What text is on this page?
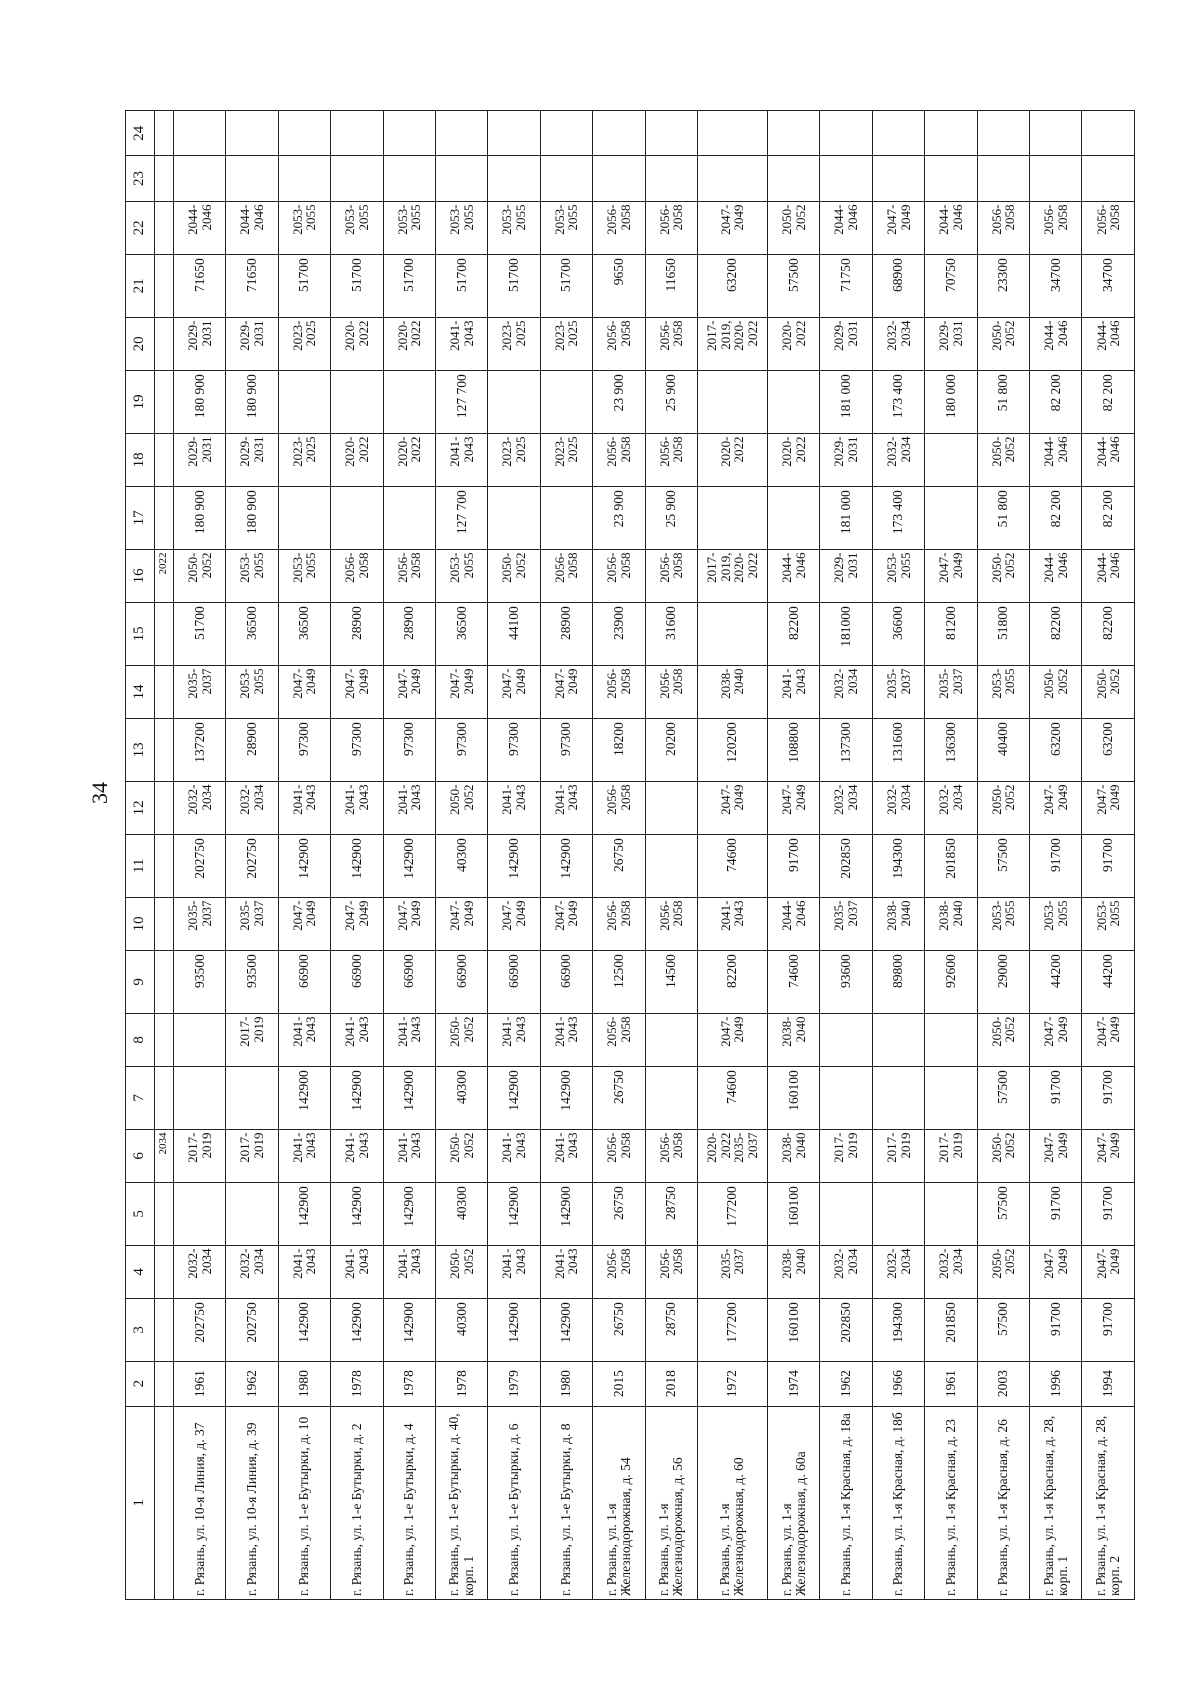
34
1	2	3	4	5	6	7	8	9	10	11	12	13	14	15	16	17	18	19	20	21	22	23	24
					2034										2022								
г. Рязань, ул. 10-я Линия, д. 37	1961	202750	2032-2034		2017-2019			93500	2035-2037	202750	2032-2034	137200	2035-2037	51700	2050-2052	180 900	2029-2031	180 900	2029-2031	71650	2044-2046		
г. Рязань, ул. 10-я Линия, д. 39	1962	202750	2032-2034		2017-2019		2017-2019	93500	2035-2037	202750	2032-2034	28900	2053-2055	36500	2053-2055	180 900	2029-2031	180 900	2029-2031	71650	2044-2046		
г. Рязань, ул. 1-е Бутырки, д. 10	1980	142900	2041-2043	142900	2041-2043	142900	2041-2043	66900	2047-2049	142900	2041-2043	97300	2047-2049	36500	2053-2055		2023-2025		2023-2025	51700	2053-2055		
г. Рязань, ул. 1-е Бутырки, д. 2	1978	142900	2041-2043	142900	2041-2043	142900	2041-2043	66900	2047-2049	142900	2041-2043	97300	2047-2049	28900	2056-2058		2020-2022		2020-2022	51700	2053-2055		
г. Рязань, ул. 1-е Бутырки, д. 4	1978	142900	2041-2043	142900	2041-2043	142900	2041-2043	66900	2047-2049	142900	2041-2043	97300	2047-2049	28900	2056-2058		2020-2022		2020-2022	51700	2053-2055		
г. Рязань, ул. 1-е Бутырки, д. 40, корп. 1	1978	40300	2050-2052	40300	2050-2052	40300	2050-2052	66900	2047-2049	40300	2050-2052	97300	2047-2049	36500	2053-2055	127 700	2041-2043	127 700	2041-2043	51700	2053-2055		
г. Рязань, ул. 1-е Бутырки, д. 6	1979	142900	2041-2043	142900	2041-2043	142900	2041-2043	66900	2047-2049	142900	2041-2043	97300	2047-2049	44100	2050-2052		2023-2025		2023-2025	51700	2053-2055		
г. Рязань, ул. 1-е Бутырки, д. 8	1980	142900	2041-2043	142900	2041-2043	142900	2041-2043	66900	2047-2049	142900	2041-2043	97300	2047-2049	28900	2056-2058		2023-2025		2023-2025	51700	2053-2055		
г. Рязань, ул. 1-я Железнодорожная, д. 54	2015	26750	2056-2058	26750	2056-2058	26750	2056-2058	12500	2056-2058	26750	2056-2058	18200	2056-2058	23900	2056-2058	23 900	2056-2058	23 900	2056-2058	9650	2056-2058		
г. Рязань, ул. 1-я Железнодорожная, д. 56	2018	28750	2056-2058	28750	2056-2058			14500	2056-2058			20200	2056-2058	31600	2056-2058	25 900	2056-2058	25 900	2056-2058	11650	2056-2058		
г. Рязань, ул. 1-я Железнодорожная, д. 60	1972	177200	2035-2037	177200	2020-2022 2035-2037	74600	2047-2049	82200	2041-2043	74600	2047-2049	120200	2038-2040		2017-2019, 2020-2022		2020-2022		2017-2019, 2020-2022	63200	2047-2049		
г. Рязань, ул. 1-я Железнодорожная, д. 60а	1974	160100	2038-2040	160100	2038-2040	160100	2038-2040	74600	2044-2046	91700	2047-2049	108800	2041-2043	82200	2044-2046		2020-2022		2020-2022	57500	2050-2052		
г. Рязань, ул. 1-я Красная, д. 18а	1962	202850	2032-2034		2017-2019			93600	2035-2037	202850	2032-2034	137300	2032-2034	181000	2029-2031	181 000	2029-2031	181 000	2029-2031	71750	2044-2046		
г. Рязань, ул. 1-я Красная, д. 18б	1966	194300	2032-2034		2017-2019			89800	2038-2040	194300	2032-2034	131600	2035-2037	36600	2053-2055	173 400	2032-2034	173 400	2032-2034	68900	2047-2049		
г. Рязань, ул. 1-я Красная, д. 23	1961	201850	2032-2034		2017-2019			92600	2038-2040	201850	2032-2034	136300	2035-2037	81200	2047-2049			180 000	2029-2031	70750	2044-2046		
г. Рязань, ул. 1-я Красная, д. 26	2003	57500	2050-2052	57500	2050-2052	57500	2050-2052	29000	2053-2055	57500	2050-2052	40400	2053-2055	51800	2050-2052	51 800	2050-2052	51 800	2050-2052	23300	2056-2058		
г. Рязань, ул. 1-я Красная, д. 28, корп. 1	1996	91700	2047-2049	91700	2047-2049	91700	2047-2049	44200	2053-2055	91700	2047-2049	63200	2050-2052	82200	2044-2046	82 200	2044-2046	82 200	2044-2046	34700	2056-2058		
г. Рязань, ул. 1-я Красная, д. 28, корп. 2	1994	91700	2047-2049	91700	2047-2049	91700	2047-2049	44200	2053-2055	91700	2047-2049	63200	2050-2052	82200	2044-2046	82 200	2044-2046	82 200	2044-2046	34700	2056-2058		
